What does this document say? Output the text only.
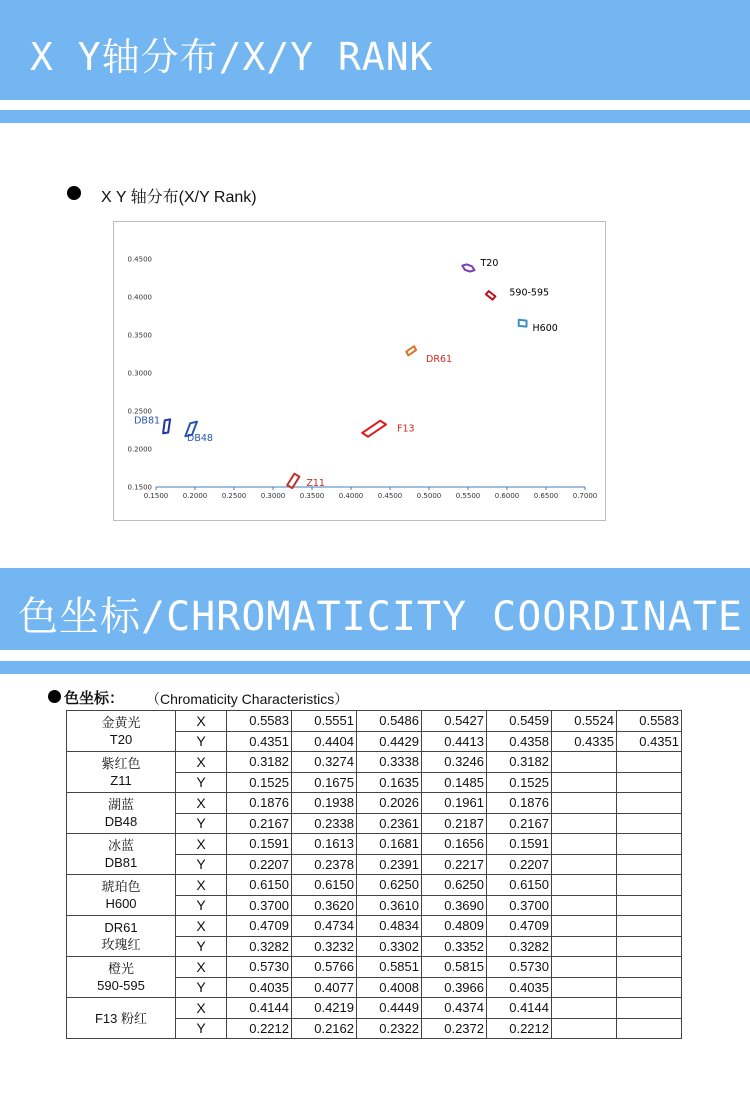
X Y轴分布/X/Y RANK
X Y 轴分布(X/Y Rank)
0.1500
0.2000
0.2500
0.3000
0.3500
0.4000
0.4500
0.1500 0.2000 0.2500 0.3000 0.3500 0.4000 0.4500 0.5000 0.5500 0.6000 0.6500 0.7000
T20
590-595
H600
DR61
F13
DB81
DB48
Z11
色坐标/CHROMATICITY COORDINATE
色坐标： （Chromaticity Characteristics）
金黄光
T20	X	0.5583	0.5551	0.5486	0.5427	0.5459	0.5524	0.5583
	Y	0.4351	0.4404	0.4429	0.4413	0.4358	0.4335	0.4351

紫红色
Z11	X	0.3182	0.3274	0.3338	0.3246	0.3182		
	Y	0.1525	0.1675	0.1635	0.1485	0.1525		

湖蓝
DB48	X	0.1876	0.1938	0.2026	0.1961	0.1876		
	Y	0.2167	0.2338	0.2361	0.2187	0.2167		

冰蓝
DB81	X	0.1591	0.1613	0.1681	0.1656	0.1591		
	Y	0.2207	0.2378	0.2391	0.2217	0.2207		

琥珀色
H600	X	0.6150	0.6150	0.6250	0.6250	0.6150		
	Y	0.3700	0.3620	0.3610	0.3690	0.3700		

DR61
玫瑰红	X	0.4709	0.4734	0.4834	0.4809	0.4709		
	Y	0.3282	0.3232	0.3302	0.3352	0.3282		

橙光
590-595	X	0.5730	0.5766	0.5851	0.5815	0.5730		
	Y	0.4035	0.4077	0.4008	0.3966	0.4035		

F13 粉红	X	0.4144	0.4219	0.4449	0.4374	0.4144		
	Y	0.2212	0.2162	0.2322	0.2372	0.2212		
